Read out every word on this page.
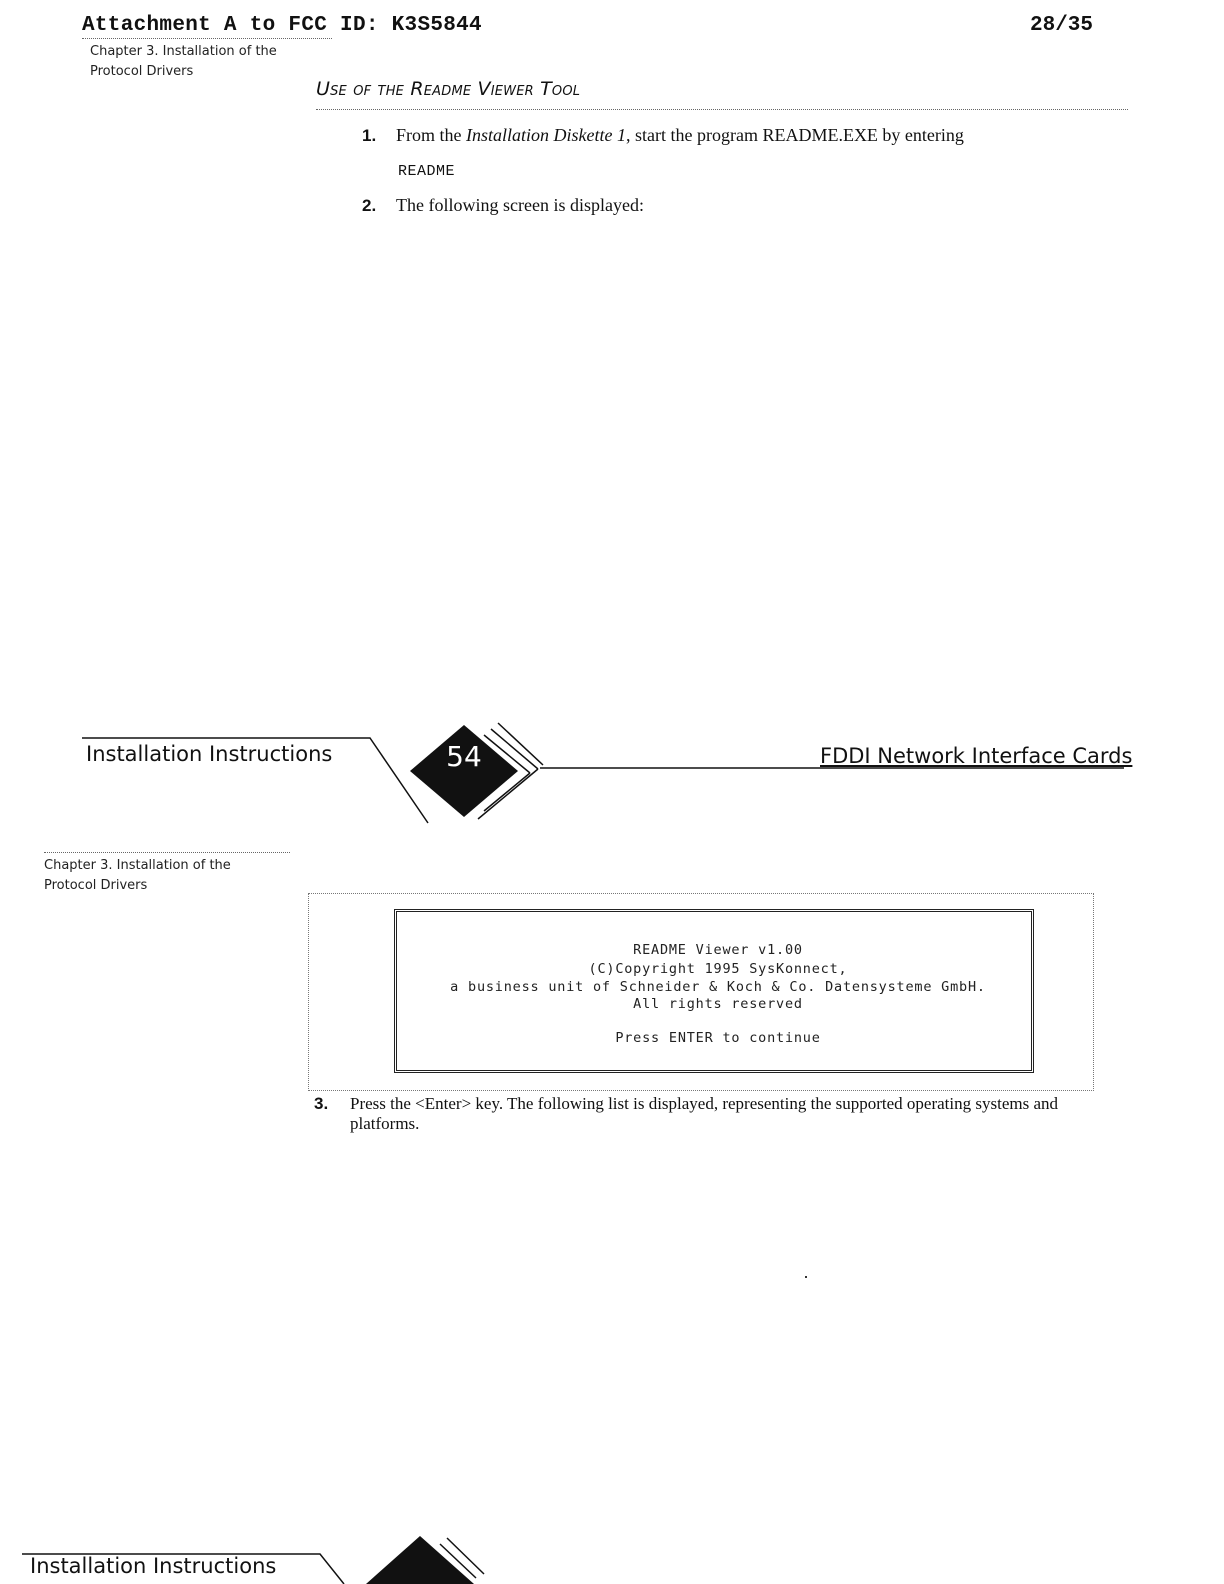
Attachment A to FCC ID: K3S5844	28/35
Chapter 3. Installation of the
Protocol Drivers
Use of the Readme Viewer Tool
1. From the Installation Diskette 1, start the program README.EXE by entering
README
2. The following screen is displayed:
Installation Instructions	54	FDDI Network Interface Cards
Chapter 3. Installation of the
Protocol Drivers
README Viewer v1.00
(C)Copyright 1995 SysKonnect,
a business unit of Schneider & Koch & Co. Datensysteme GmbH.
All rights reserved
Press ENTER to continue
3. Press the <Enter> key. The following list is displayed, representing the supported operating systems and platforms.
Installation Instructions
